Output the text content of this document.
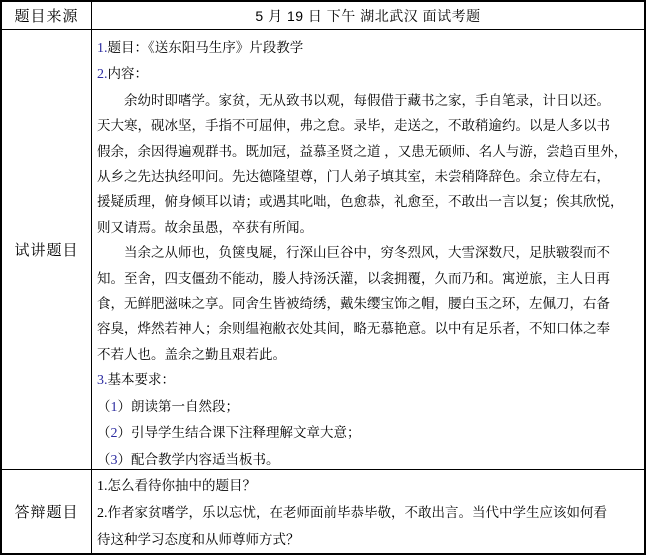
题目来源	5 月 19 日 下午 湖北武汉 面试考题
试讲题目
1.题目：《送东阳马生序》片段教学
2.内容：
　　余幼时即嗜学。家贫，无从致书以观，每假借于藏书之家，手自笔录，计日以还。
天大寒，砚冰坚，手指不可屈伸，弗之怠。录毕，走送之，不敢稍逾约。以是人多以书
假余，余因得遍观群书。既加冠，益慕圣贤之道 ，又患无硕师、名人与游，尝趋百里外，
从乡之先达执经叩问。先达德隆望尊，门人弟子填其室，未尝稍降辞色。余立侍左右，
援疑质理，俯身倾耳以请；或遇其叱咄，色愈恭，礼愈至，不敢出一言以复；俟其欣悦，
则又请焉。故余虽愚，卒获有所闻。
　　当余之从师也，负箧曳屣，行深山巨谷中，穷冬烈风，大雪深数尺，足肤皲裂而不
知。至舍，四支僵劲不能动，媵人持汤沃灌，以衾拥覆，久而乃和。寓逆旅，主人日再
食，无鲜肥滋味之享。同舍生皆被绮绣，戴朱缨宝饰之帽，腰白玉之环，左佩刀，右备
容臭，烨然若神人；余则缊袍敝衣处其间，略无慕艳意。以中有足乐者，不知口体之奉
不若人也。盖余之勤且艰若此。
3.基本要求：
（1）朗读第一自然段；
（2）引导学生结合课下注释理解文章大意；
（3）配合教学内容适当板书。
答辩题目
1.怎么看待你抽中的题目？
2.作者家贫嗜学，乐以忘忧，在老师面前毕恭毕敬，不敢出言。当代中学生应该如何看
待这种学习态度和从师尊师方式？
